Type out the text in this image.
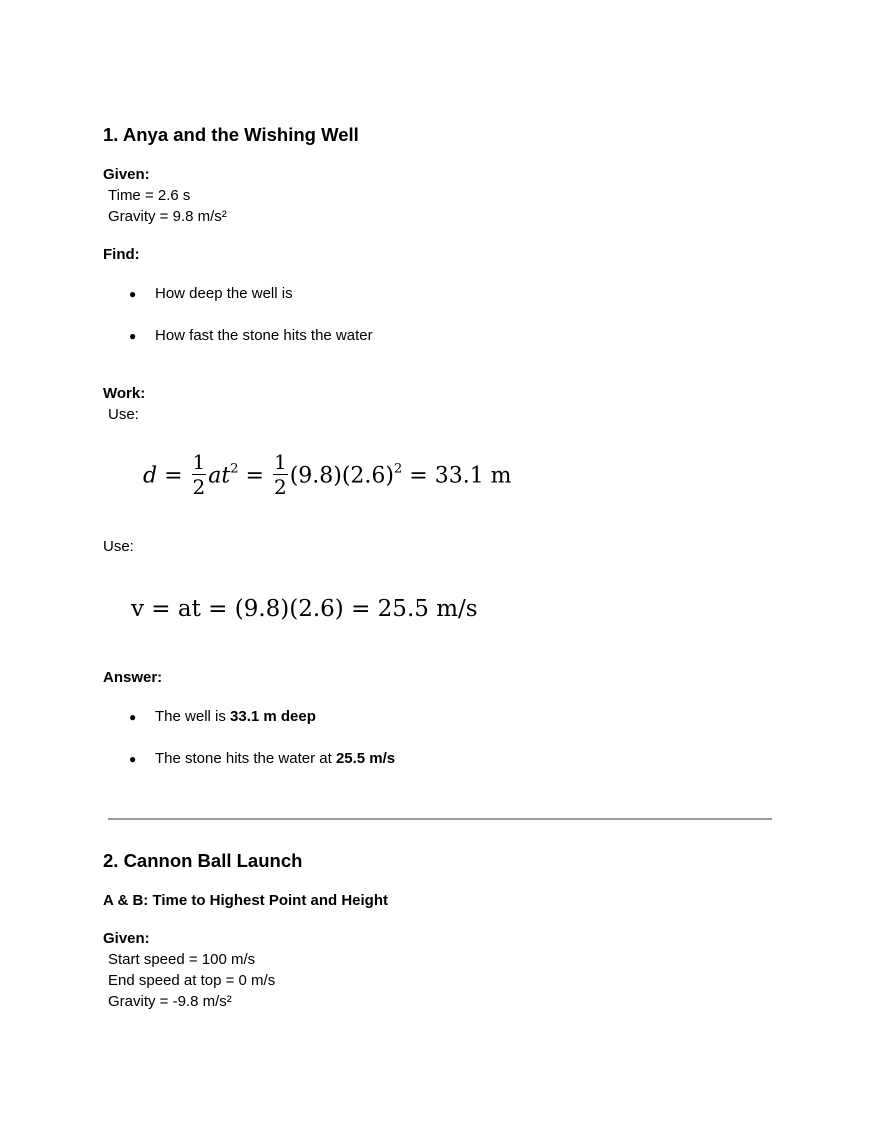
1. Anya and the Wishing Well
Given:
Time = 2.6 s
Gravity = 9.8 m/s²
Find:
● How deep the well is
● How fast the stone hits the water
Work:
Use:
$d = \frac{1}{2} at^2 = \frac{1}{2} (9.8)(2.6)^2 = 33.1$ m
Use:
v = at = (9.8)(2.6) = 25.5 m/s
Answer:
● The well is 33.1 m deep
● The stone hits the water at 25.5 m/s
2. Cannon Ball Launch
A & B: Time to Highest Point and Height
Given:
Start speed = 100 m/s
End speed at top = 0 m/s
Gravity = -9.8 m/s²
